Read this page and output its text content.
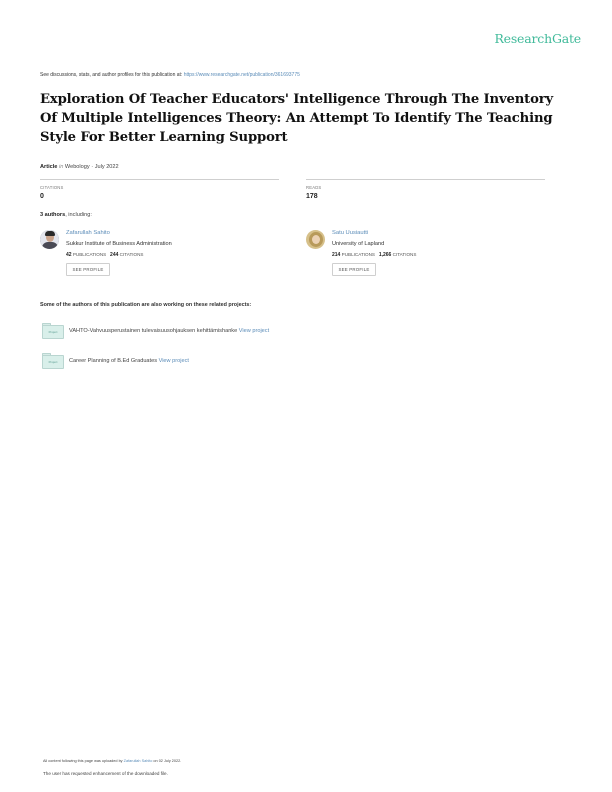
ResearchGate
See discussions, stats, and author profiles for this publication at: https://www.researchgate.net/publication/361693775
Exploration Of Teacher Educators' Intelligence Through The Inventory Of Multiple Intelligences Theory: An Attempt To Identify The Teaching Style For Better Learning Support
Article in Webology · July 2022
CITATIONS
0
READS
178
3 authors, including:
Zafarullah Sahito
Sukkur Institute of Business Administration
42 PUBLICATIONS 244 CITATIONS
SEE PROFILE
Satu Uusiautti
University of Lapland
214 PUBLICATIONS 1,266 CITATIONS
SEE PROFILE
Some of the authors of this publication are also working on these related projects:
Project	VAHTO-Vahvuusperustainen tulevaisuusohjauksen kehittämishanke View project
Project	Career Planning of B.Ed Graduates View project
All content following this page was uploaded by Zafarullah Sahito on 02 July 2022.
The user has requested enhancement of the downloaded file.
